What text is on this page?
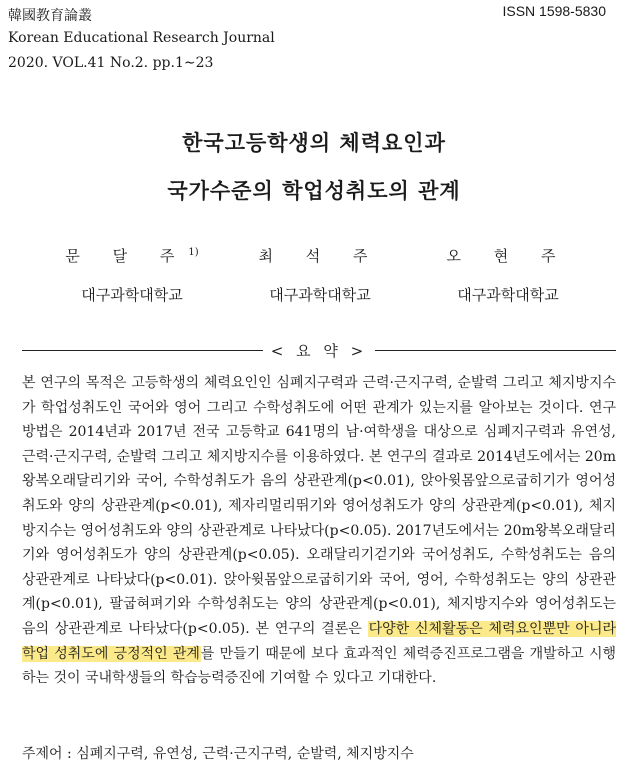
韓國教育論叢
Korean Educational Research Journal
2020. VOL.41 No.2. pp.1∼23
ISSN 1598-5830
한국고등학생의 체력요인과
국가수준의 학업성취도의 관계
문 달 주$^{1)}$	최 석 주	오 현 주
대구과학대학교	대구과학대학교	대구과학대학교
< 요 약 >
본 연구의 목적은 고등학생의 체력요인인 심폐지구력과 근력·근지구력, 순발력 그리고 체지방지수가 학업성취도인 국어와 영어 그리고 수학성취도에 어떤 관계가 있는지를 알아보는 것이다. 연구방법은 2014년과 2017년 전국 고등학교 641명의 남·여학생을 대상으로 심폐지구력과 유연성, 근력·근지구력, 순발력 그리고 체지방지수를 이용하였다. 본 연구의 결과로 2014년도에서는 20m왕복오래달리기와 국어, 수학성취도가 음의 상관관계(p<0.01), 앉아윗몸앞으로굽히기가 영어성취도와 양의 상관관계(p<0.01), 제자리멀리뛰기와 영어성취도가 양의 상관관계(p<0.01), 체지방지수는 영어성취도와 양의 상관관계로 나타났다(p<0.05). 2017년도에서는 20m왕복오래달리기와 영어성취도가 양의 상관관계(p<0.05). 오래달리기걷기와 국어성취도, 수학성취도는 음의 상관관계로 나타났다(p<0.01). 앉아윗몸앞으로굽히기와 국어, 영어, 수학성취도는 양의 상관관계(p<0.01), 팔굽혀펴기와 수학성취도는 양의 상관관계(p<0.01), 체지방지수와 영어성취도는 음의 상관관계로 나타났다(p<0.05). 본 연구의 결론은 다양한 신체활동은 체력요인뿐만 아니라 학업 성취도에 긍정적인 관계를 만들기 때문에 보다 효과적인 체력증진프로그램을 개발하고 시행하는 것이 국내학생들의 학습능력증진에 기여할 수 있다고 기대한다.
주제어 : 심폐지구력, 유연성, 근력·근지구력, 순발력, 체지방지수
